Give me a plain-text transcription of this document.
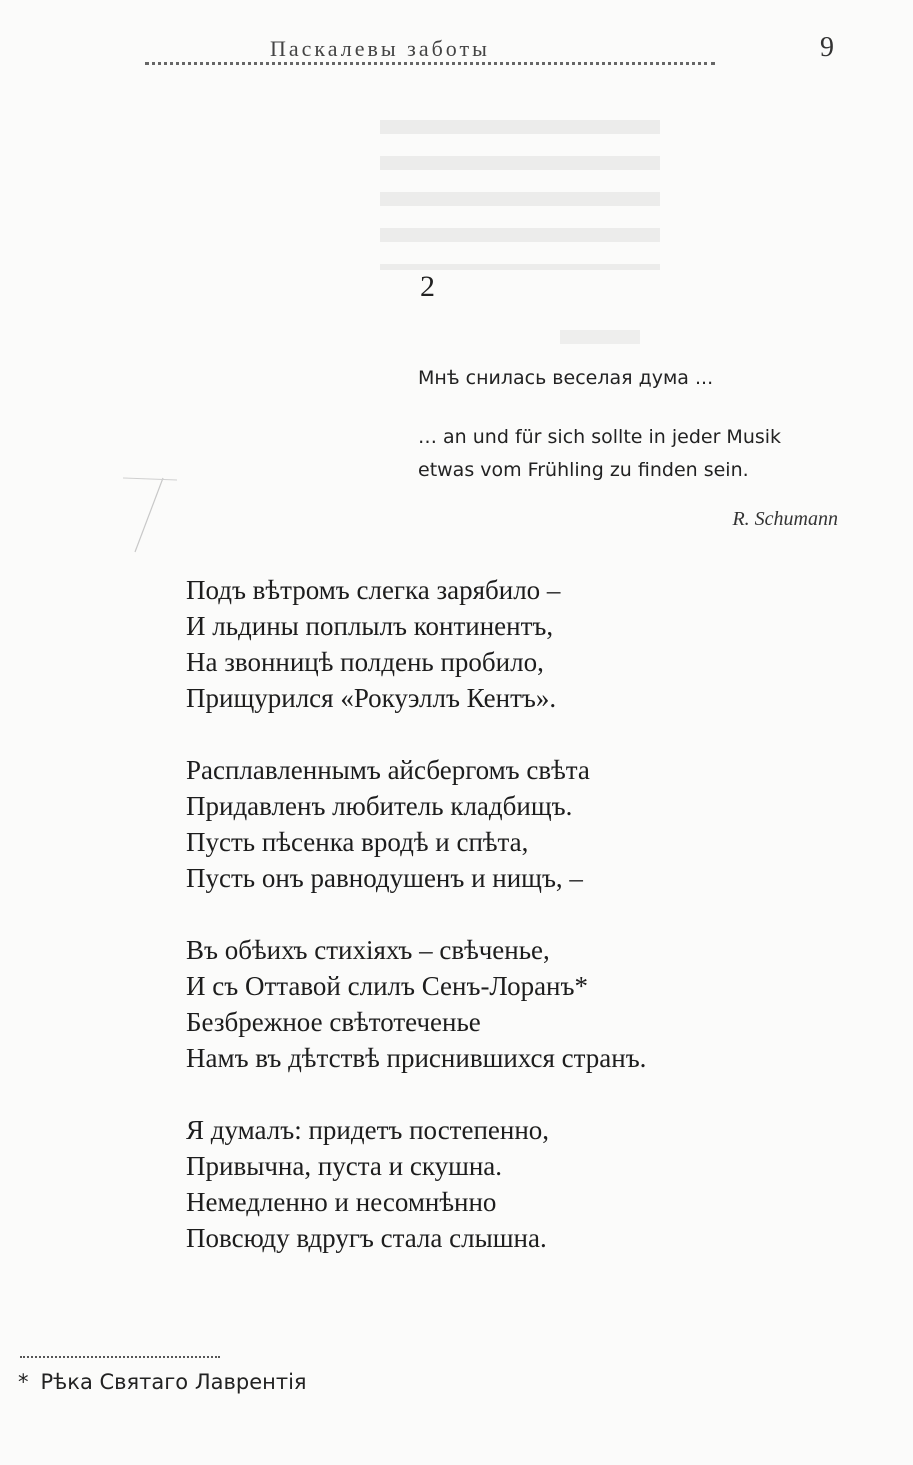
Паскалевы заботы	9
2

Мнѣ снилась веселая дума ...

… an und für sich sollte in jeder Musik

etwas vom Frühling zu finden sein.

R. Schumann
Подъ вѣтромъ слегка зарябило –
И льдины поплылъ континентъ,
На звонницѣ полдень пробило,
Прищурился «Рокуэллъ Кентъ».
Расплавленнымъ айсбергомъ свѣта
Придавленъ любитель кладбищъ.
Пусть пѣсенка вродѣ и спѣта,
Пусть онъ равнодушенъ и нищъ, –
Въ обѣихъ стихіяхъ – свѣченье,
И съ Оттавой слилъ Сенъ-Лоранъ*
Безбрежное свѣтотеченье
Намъ въ дѣтствѣ приснившихся странъ.
Я думалъ: придетъ постепенно,
Привычна, пуста и скушна.
Немедленно и несомнѣнно
Повсюду вдругъ стала слышна.
* Рѣка Святаго Лаврентія
